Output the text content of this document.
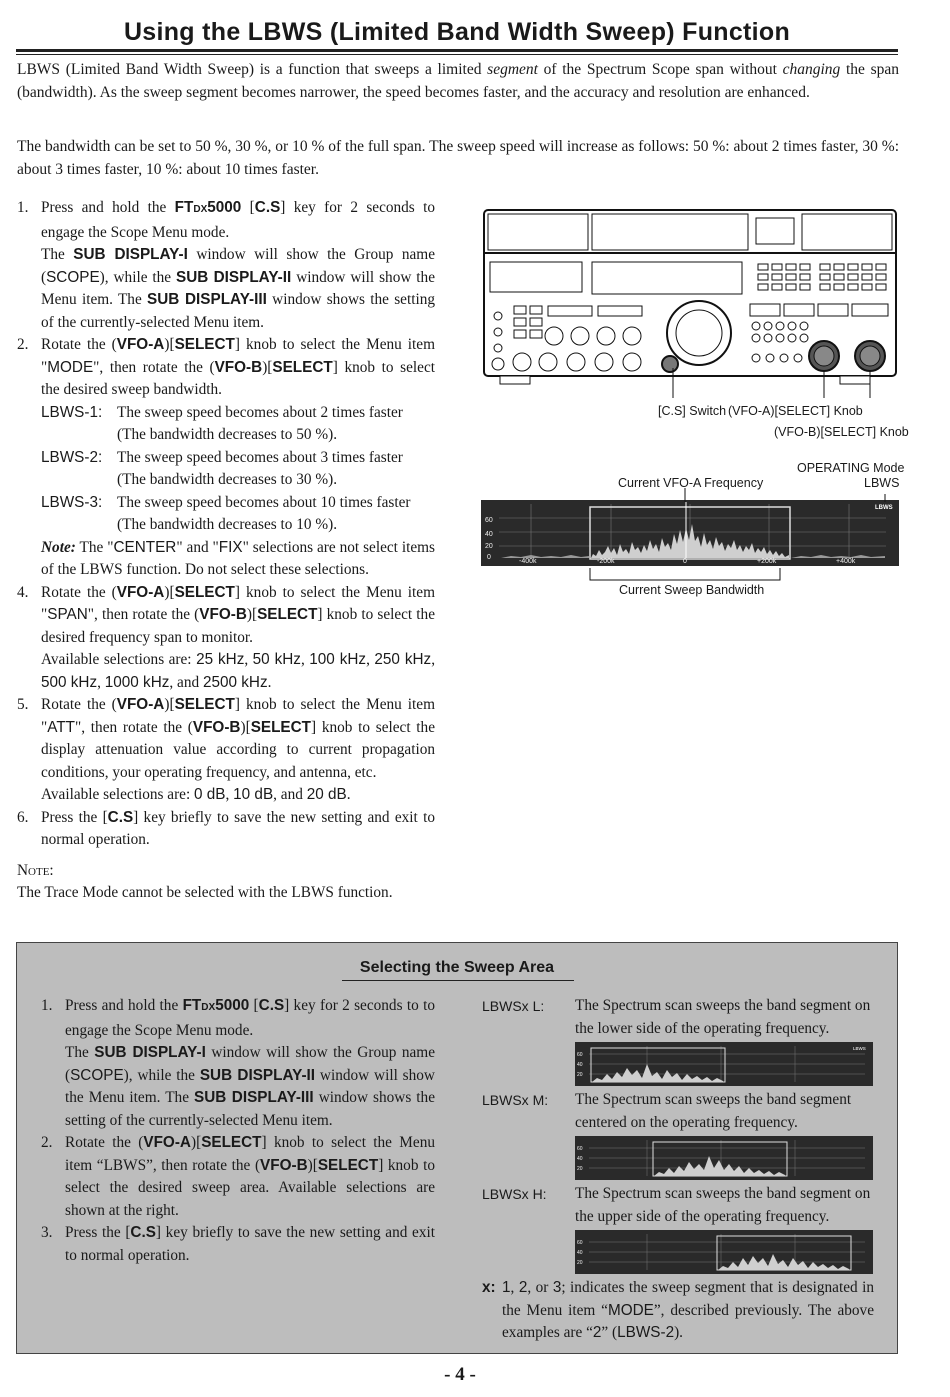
Using the LBWS (Limited Band Width Sweep) Function
LBWS (Limited Band Width Sweep) is a function that sweeps a limited segment of the Spectrum Scope span without changing the span (bandwidth). As the sweep segment becomes narrower, the speed becomes faster, and the accuracy and resolution are enhanced.
The bandwidth can be set to 50 %, 30 %, or 10 % of the full span. The sweep speed will increase as follows: 50 %: about 2 times faster, 30 %: about 3 times faster, 10 %: about 10 times faster.
1. Press and hold the FTDX5000 [C.S] key for 2 seconds to engage the Scope Menu mode.
The SUB DISPLAY-I window will show the Group name (SCOPE), while the SUB DISPLAY-II window will show the Menu item. The SUB DISPLAY-III window shows the setting of the currently-selected Menu item.
2. Rotate the (VFO-A)[SELECT] knob to select the Menu item "MODE", then rotate the (VFO-B)[SELECT] knob to select the desired sweep bandwidth.
LBWS-1: The sweep speed becomes about 2 times faster
(The bandwidth decreases to 50 %).
LBWS-2: The sweep speed becomes about 3 times faster
(The bandwidth decreases to 30 %).
LBWS-3: The sweep speed becomes about 10 times faster
(The bandwidth decreases to 10 %).
Note: The "CENTER" and "FIX" selections are not select items of the LBWS function. Do not select these selections.
4. Rotate the (VFO-A)[SELECT] knob to select the Menu item "SPAN", then rotate the (VFO-B)[SELECT] knob to select the desired frequency span to monitor.
Available selections are: 25 kHz, 50 kHz, 100 kHz, 250 kHz, 500 kHz, 1000 kHz, and 2500 kHz.
5. Rotate the (VFO-A)[SELECT] knob to select the Menu item "ATT", then rotate the (VFO-B)[SELECT] knob to select the display attenuation value according to current propagation conditions, your operating frequency, and antenna, etc.
Available selections are: 0 dB, 10 dB, and 20 dB.
6. Press the [C.S] key briefly to save the new setting and exit to normal operation.
Note:
The Trace Mode cannot be selected with the LBWS function.
[C.S] Switch (VFO-A)[SELECT] Knob
(VFO-B)[SELECT] Knob
Current VFO-A Frequency
OPERATING Mode
LBWS
60
40
20
0
-400k	-200k	0	+200k	+400k
LBWS
Current Sweep Bandwidth
Selecting the Sweep Area
1. Press and hold the FTDX5000 [C.S] key for 2 seconds to to engage the Scope Menu mode.
The SUB DISPLAY-I window will show the Group name (SCOPE), while the SUB DISPLAY-II window will show the Menu item. The SUB DISPLAY-III window shows the setting of the currently-selected Menu item.
2. Rotate the (VFO-A)[SELECT] knob to select the Menu item “LBWS”, then rotate the (VFO-B)[SELECT] knob to select the desired sweep area. Available selections are shown at the right.
3. Press the [C.S] key briefly to save the new setting and exit to normal operation.
LBWSx L: The Spectrum scan sweeps the band segment on the lower side of the operating frequency.
60
40
20
LBWS
LBWSx M: The Spectrum scan sweeps the band segment centered on the operating frequency.
60
40
20
LBWSx H: The Spectrum scan sweeps the band segment on the upper side of the operating frequency.
60
40
20
x: 1, 2, or 3; indicates the sweep segment that is designated in the Menu item “MODE”, described previously. The above examples are “2” (LBWS-2).
- 4 -
